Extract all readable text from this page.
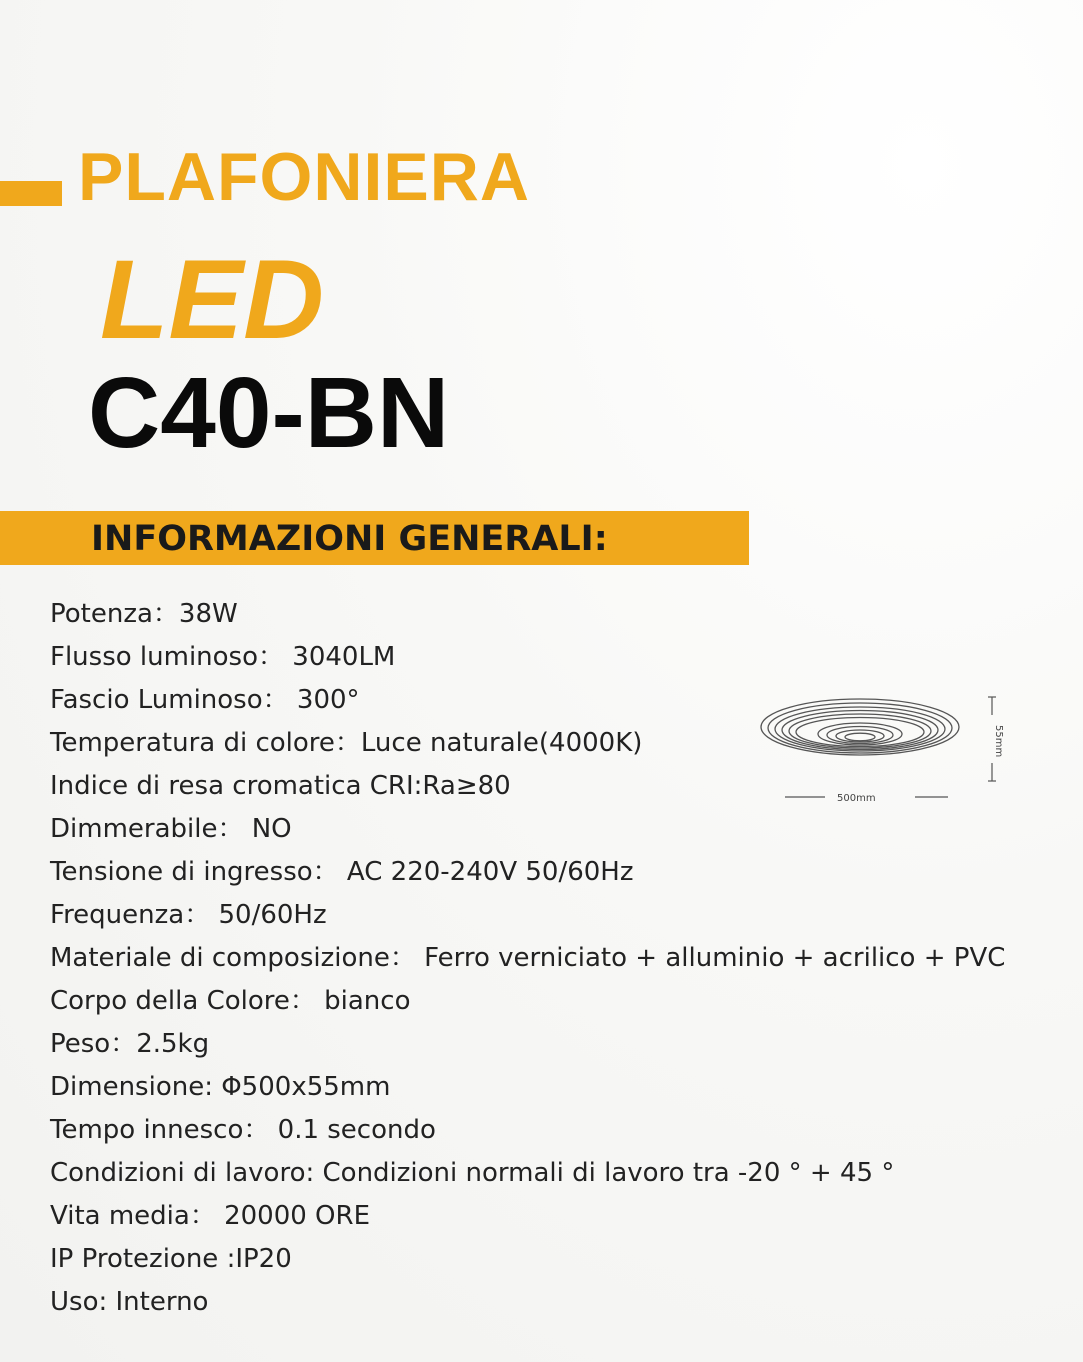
PLAFONIERA
LED
C40-BN
INFORMAZIONI GENERALI:
Potenza：38W
Flusso luminoso： 3040LM
Fascio Luminoso： 300°
Temperatura di colore：Luce naturale(4000K)
Indice di resa cromatica CRI:Ra≥80
Dimmerabile： NO
Tensione di ingresso： AC 220-240V 50/60Hz
Frequenza： 50/60Hz
Materiale di composizione： Ferro verniciato + alluminio + acrilico + PVC
Corpo della Colore： bianco
Peso：2.5kg
Dimensione: Φ500x55mm
Tempo innesco： 0.1 secondo
Condizioni di lavoro: Condizioni normali di lavoro tra -20 ° + 45 °
Vita media： 20000 ORE
IP Protezione :IP20
Uso: Interno
500mm
55mm
